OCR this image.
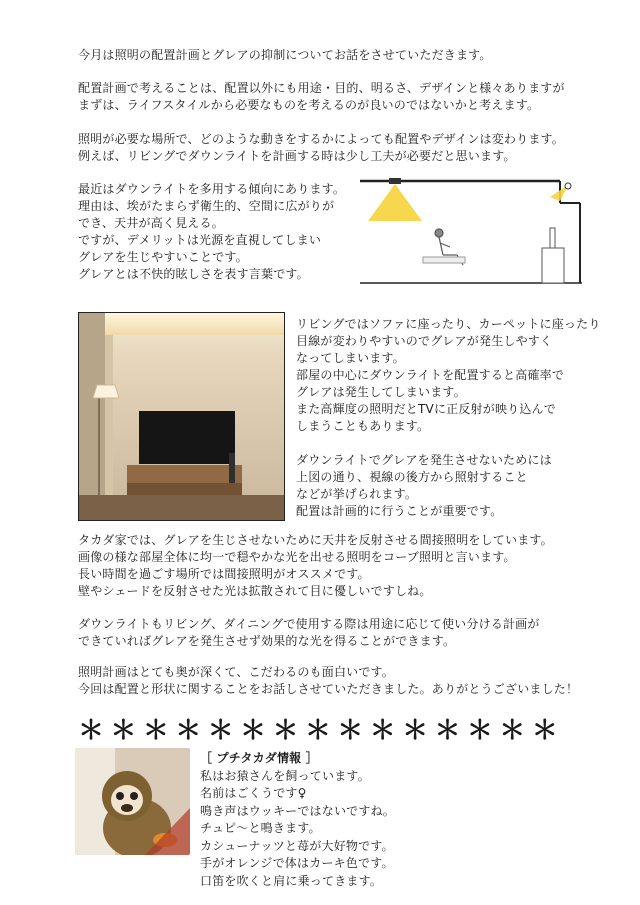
今月は照明の配置計画とグレアの抑制についてお話をさせていただきます。
配置計画で考えることは、配置以外にも用途・目的、明るさ、デザインと様々ありますが
まずは、ライフスタイルから必要なものを考えるのが良いのではないかと考えます。
照明が必要な場所で、どのような動きをするかによっても配置やデザインは変わります。
例えば、リビングでダウンライトを計画する時は少し工夫が必要だと思います。
最近はダウンライトを多用する傾向にあります。
理由は、埃がたまらず衛生的、空間に広がりが
でき、天井が高く見える。
ですが、デメリットは光源を直視してしまい
グレアを生じやすいことです。
グレアとは不快的眩しさを表す言葉です。
リビングではソファに座ったり、カーペットに座ったり
目線が変わりやすいのでグレアが発生しやすく
なってしまいます。
部屋の中心にダウンライトを配置すると高確率で
グレアは発生してしまいます。
また高輝度の照明だとTVに正反射が映り込んで
しまうこともあります。

ダウンライトでグレアを発生させないためには
上図の通り、視線の後方から照射すること
などが挙げられます。
配置は計画的に行うことが重要です。
タカダ家では、グレアを生じさせないために天井を反射させる間接照明をしています。
画像の様な部屋全体に均一で穏やかな光を出せる照明をコーブ照明と言います。
長い時間を過ごす場所では間接照明がオススメです。
壁やシェードを反射させた光は拡散されて目に優しいですしね。
ダウンライトもリビング、ダイニングで使用する際は用途に応じて使い分ける計画が
できていればグレアを発生させず効果的な光を得ることができます。
照明計画はとても奥が深くて、こだわるのも面白いです。
今回は配置と形状に関することをお話しさせていただきました。ありがとうございました！
＊ ＊ ＊ ＊ ＊ ＊ ＊ ＊ ＊ ＊ ＊ ＊ ＊ ＊ ＊
［ プチタカダ情報 ］
私はお猿さんを飼っています。
名前はごくうです♀
鳴き声はウッキーではないですね。
チュピ～と鳴きます。
カシューナッツと苺が大好物です。
手がオレンジで体はカーキ色です。
口笛を吹くと肩に乗ってきます。
